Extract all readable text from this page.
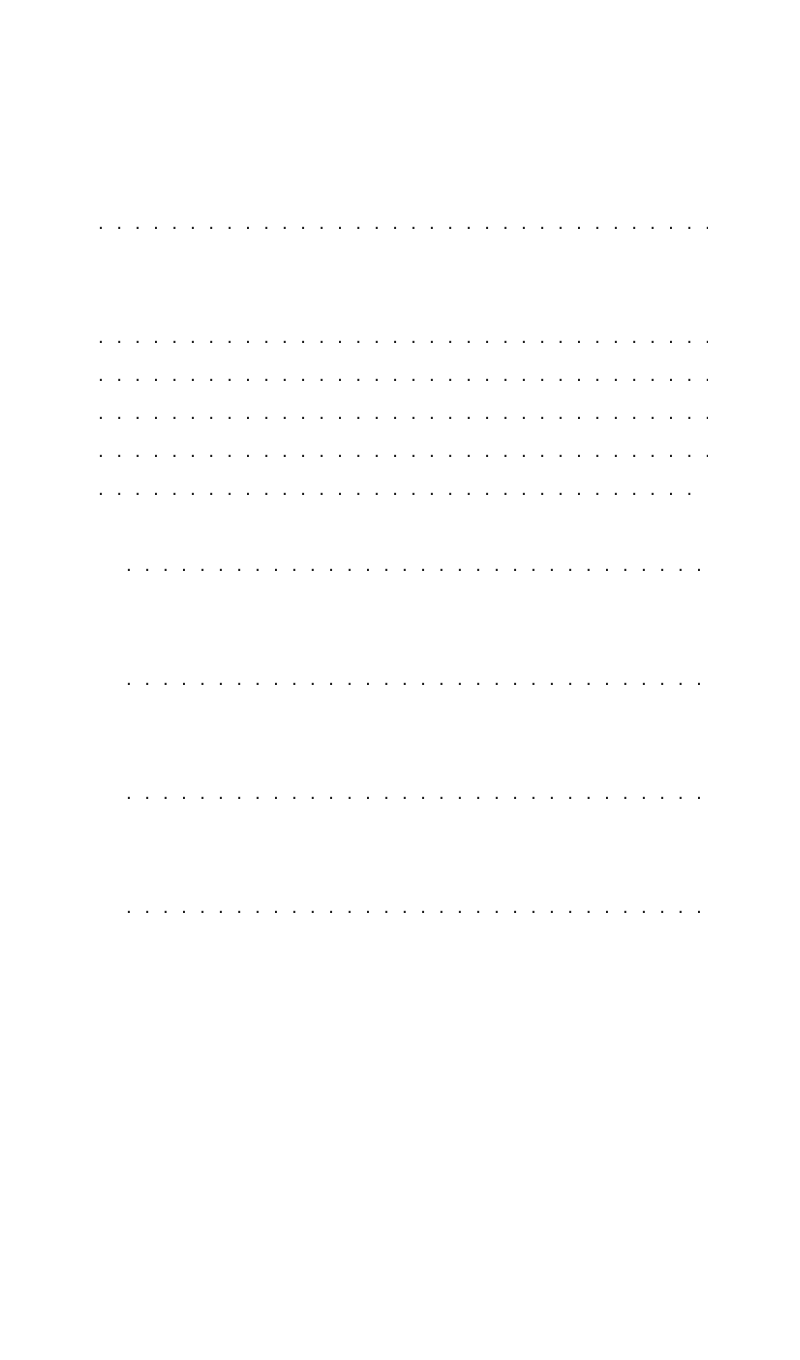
. . .
. . .
. . .
. . .
. . .
. . .
. . .
. . .
. . .
. . .
